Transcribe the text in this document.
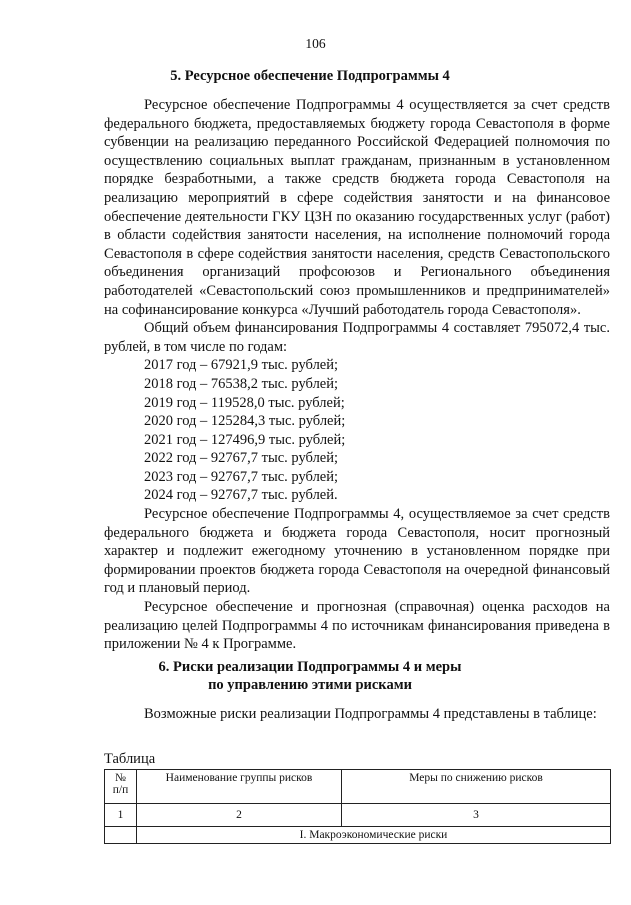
106
5. Ресурсное обеспечение Подпрограммы 4

Ресурсное обеспечение Подпрограммы 4 осуществляется за счет средств федерального бюджета, предоставляемых бюджету города Севастополя в форме субвенции на реализацию переданного Российской Федерацией полномочия по осуществлению социальных выплат гражданам, признанным в установленном порядке безработными, а также средств бюджета города Севастополя на реализацию мероприятий в сфере содействия занятости и на финансовое обеспечение деятельности ГКУ ЦЗН по оказанию государственных услуг (работ) в области содействия занятости населения, на исполнение полномочий города Севастополя в сфере содействия занятости населения, средств Севастопольского объединения организаций профсоюзов и Регионального объединения работодателей «Севастопольский союз промышленников и предпринимателей» на софинансирование конкурса «Лучший работодатель города Севастополя».

Общий объем финансирования Подпрограммы 4 составляет 795072,4 тыс. рублей, в том числе по годам:

2017 год – 67921,9 тыс. рублей;

2018 год – 76538,2 тыс. рублей;

2019 год – 119528,0 тыс. рублей;

2020 год – 125284,3 тыс. рублей;

2021 год – 127496,9 тыс. рублей;

2022 год – 92767,7 тыс. рублей;

2023 год – 92767,7 тыс. рублей;

2024 год – 92767,7 тыс. рублей.

Ресурсное обеспечение Подпрограммы 4, осуществляемое за счет средств федерального бюджета и бюджета города Севастополя, носит прогнозный характер и подлежит ежегодному уточнению в установленном порядке при формировании проектов бюджета города Севастополя на очередной финансовый год и плановый период.

Ресурсное обеспечение и прогнозная (справочная) оценка расходов на реализацию целей Подпрограммы 4 по источникам финансирования приведена в приложении № 4 к Программе.

6. Риски реализации Подпрограммы 4 и меры
по управлению этими рисками

Возможные риски реализации Подпрограммы 4 представлены в таблице:

Таблица
№
п/п	Наименование группы рисков	Меры по снижению рисков
1	2	3
	I. Макроэкономические риски	
